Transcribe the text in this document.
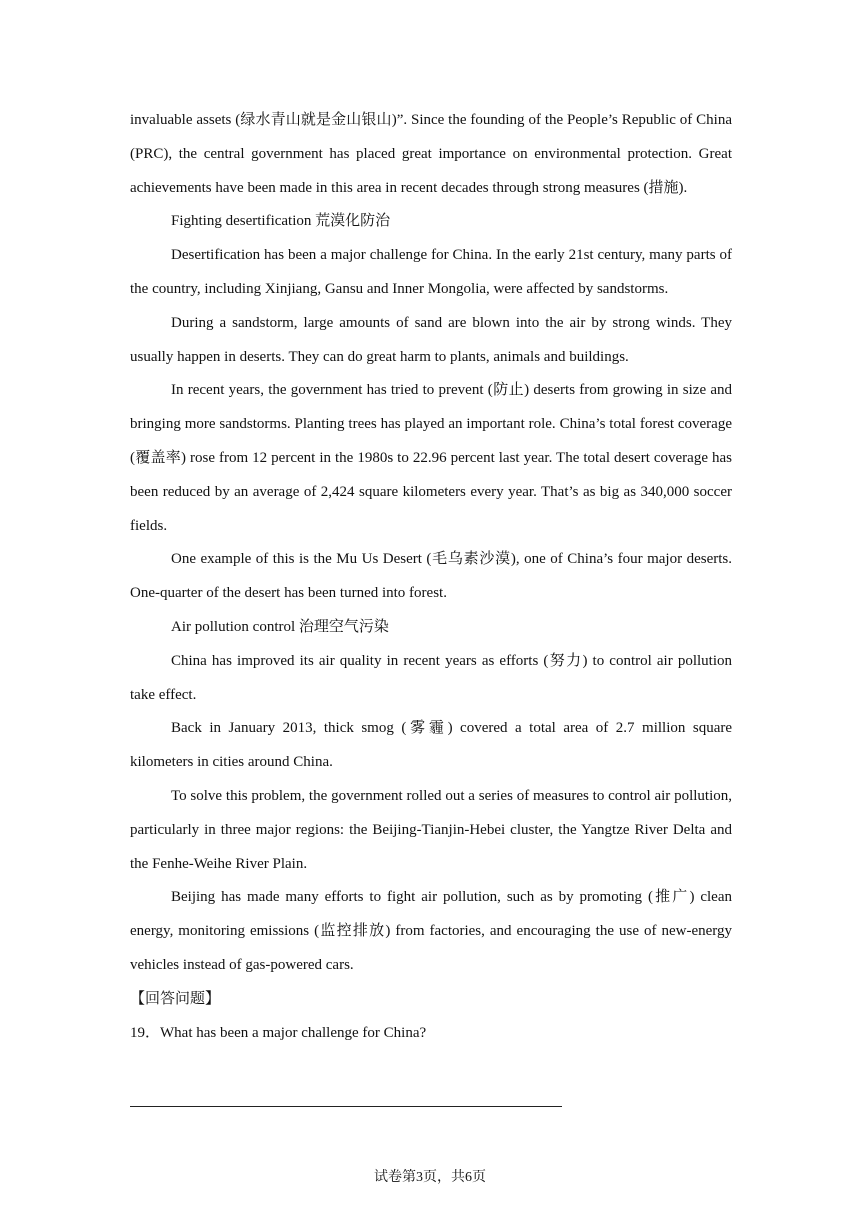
invaluable assets (绿水青山就是金山银山)”. Since the founding of the People’s Republic of China (PRC), the central government has placed great importance on environmental protection. Great achievements have been made in this area in recent decades through strong measures (措施).

Fighting desertification 荒漠化防治

Desertification has been a major challenge for China. In the early 21st century, many parts of the country, including Xinjiang, Gansu and Inner Mongolia, were affected by sandstorms.

During a sandstorm, large amounts of sand are blown into the air by strong winds. They usually happen in deserts. They can do great harm to plants, animals and buildings.

In recent years, the government has tried to prevent (防止) deserts from growing in size and bringing more sandstorms. Planting trees has played an important role. China’s total forest coverage (覆盖率) rose from 12 percent in the 1980s to 22.96 percent last year. The total desert coverage has been reduced by an average of 2,424 square kilometers every year. That’s as big as 340,000 soccer fields.

One example of this is the Mu Us Desert (毛乌素沙漠), one of China’s four major deserts. One-quarter of the desert has been turned into forest.

Air pollution control 治理空气污染

China has improved its air quality in recent years as efforts (努力) to control air pollution take effect.

Back in January 2013, thick smog (雾霾) covered a total area of 2.7 million square kilometers in cities around China.

To solve this problem, the government rolled out a series of measures to control air pollution, particularly in three major regions: the Beijing-Tianjin-Hebei cluster, the Yangtze River Delta and the Fenhe-Weihe River Plain.

Beijing has made many efforts to fight air pollution, such as by promoting (推广) clean energy, monitoring emissions (监控排放) from factories, and encouraging the use of new-energy vehicles instead of gas-powered cars.

【回答问题】
19．What has been a major challenge for China?
试卷第3页，共6页
